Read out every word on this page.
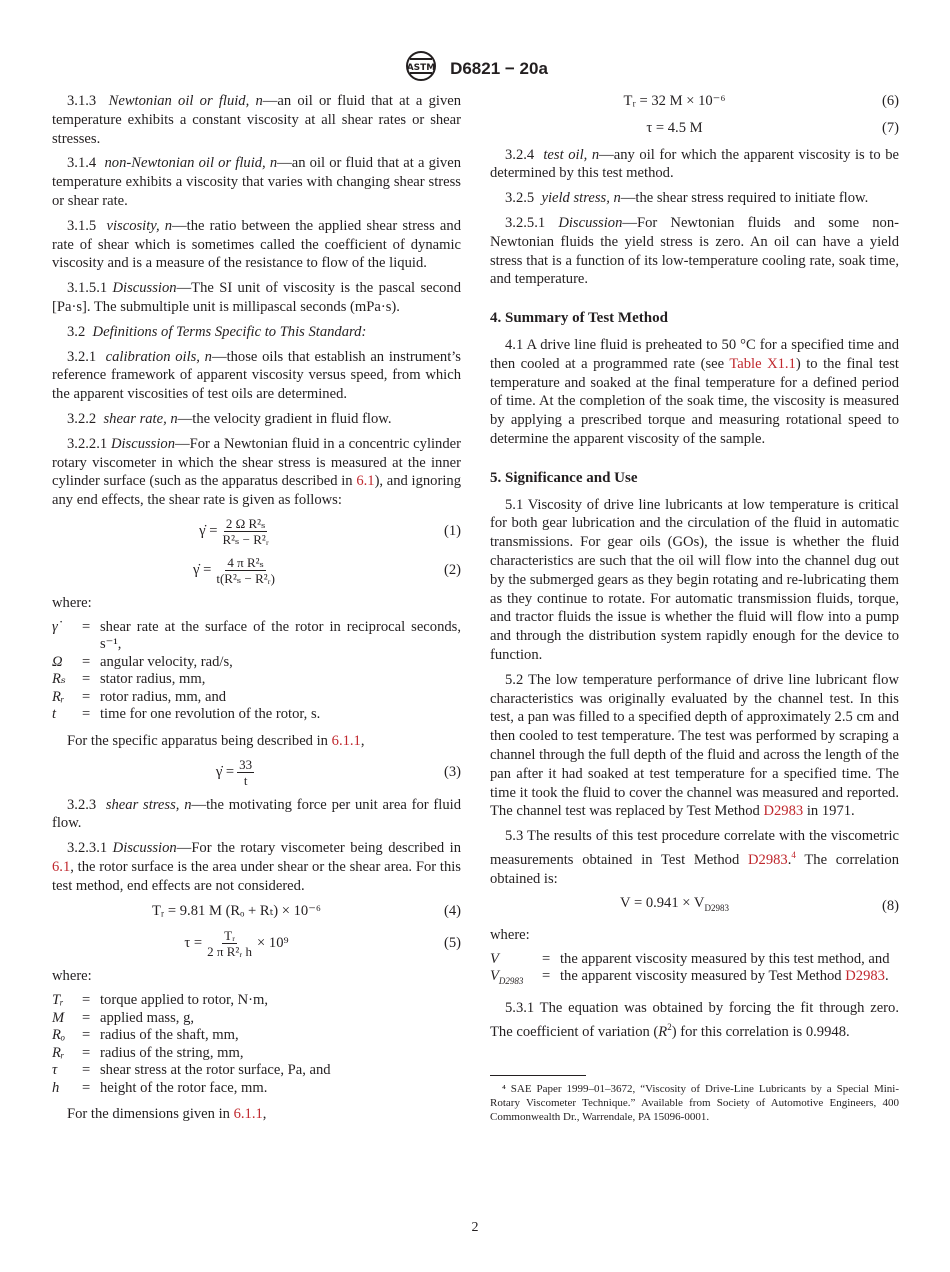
ASTM D6821 − 20a

3.1.3 Newtonian oil or fluid, n—an oil or fluid that at a given temperature exhibits a constant viscosity at all shear rates or shear stresses.

3.1.4 non-Newtonian oil or fluid, n—an oil or fluid that at a given temperature exhibits a viscosity that varies with changing shear stress or shear rate.

3.1.5 viscosity, n—the ratio between the applied shear stress and rate of shear which is sometimes called the coefficient of dynamic viscosity and is a measure of the resistance to flow of the liquid.

3.1.5.1 Discussion—The SI unit of viscosity is the pascal second [Pa·s]. The submultiple unit is millipascal seconds (mPa·s).

3.2 Definitions of Terms Specific to This Standard:

3.2.1 calibration oils, n—those oils that establish an instrument’s reference framework of apparent viscosity versus speed, from which the apparent viscosities of test oils are determined.

3.2.2 shear rate, n—the velocity gradient in fluid flow.

3.2.2.1 Discussion—For a Newtonian fluid in a concentric cylinder rotary viscometer in which the shear stress is measured at the inner cylinder surface (such as the apparatus described in 6.1), and ignoring any end effects, the shear rate is given as follows:

γ̇ = $\frac{\text{2 Ω R²ₛ}}{\text{R²ₛ − R²ᵣ}}$	(1)
γ̇ = $\frac{\text{4 π R²ₛ}}{\text{t(R²ₛ − R²ᵣ)}}$	(2)

where:

γ̇	= shear rate at the surface of the rotor in reciprocal seconds, s⁻¹,
Ω	= angular velocity, rad/s,
Rₛ	= stator radius, mm,
Rᵣ	= rotor radius, mm, and
t	= time for one revolution of the rotor, s.

For the specific apparatus being described in 6.1.1,

γ̇ = $\frac{33}{t}$	(3)

3.2.3 shear stress, n—the motivating force per unit area for fluid flow.

3.2.3.1 Discussion—For the rotary viscometer being described in 6.1, the rotor surface is the area under shear or the shear area. For this test method, end effects are not considered.

Tᵣ = 9.81 M (Rₒ + Rₜ) × 10⁻⁶	(4)
$\tau = \frac{\text{Tᵣ}}{\text{2 π R²ᵣ h}} \times 10^9$	(5)

where:

Tᵣ	= torque applied to rotor, N·m,
M	= applied mass, g,
Rₒ	= radius of the shaft, mm,
Rᵣ	= radius of the string, mm,
τ	= shear stress at the rotor surface, Pa, and
h	= height of the rotor face, mm.

For the dimensions given in 6.1.1,

Tᵣ = 32 M × 10⁻⁶	(6)
τ = 4.5 M	(7)

3.2.4 test oil, n—any oil for which the apparent viscosity is to be determined by this test method.

3.2.5 yield stress, n—the shear stress required to initiate flow.

3.2.5.1 Discussion—For Newtonian fluids and some non-Newtonian fluids the yield stress is zero. An oil can have a yield stress that is a function of its low-temperature cooling rate, soak time, and temperature.

4. Summary of Test Method

4.1 A drive line fluid is preheated to 50 °C for a specified time and then cooled at a programmed rate (see Table X1.1) to the final test temperature and soaked at the final temperature for a defined period of time. At the completion of the soak time, the viscosity is measured by applying a prescribed torque and measuring rotational speed to determine the apparent viscosity of the sample.

5. Significance and Use

5.1 Viscosity of drive line lubricants at low temperature is critical for both gear lubrication and the circulation of the fluid in automatic transmissions. For gear oils (GOs), the issue is whether the fluid characteristics are such that the oil will flow into the channel dug out by the submerged gears as they begin rotating and re-lubricating them as they continue to rotate. For automatic transmission fluids, torque, and tractor fluids the issue is whether the fluid will flow into a pump and through the distribution system rapidly enough for the device to function.

5.2 The low temperature performance of drive line lubricant flow characteristics was originally evaluated by the channel test. In this test, a pan was filled to a specified depth of approximately 2.5 cm and then cooled to test temperature. The test was performed by scraping a channel through the full depth of the fluid and across the length of the pan after it had soaked at test temperature for a specified time. The time it took the fluid to cover the channel was measured and reported. The channel test was replaced by Test Method D2983 in 1971.

5.3 The results of this test procedure correlate with the viscometric measurements obtained in Test Method D2983.$^4$ The correlation obtained is:

$V = 0.941 \times V_{D2983}$	(8)

where:

V	= the apparent viscosity measured by this test method, and
$V_{D2983}$	= the apparent viscosity measured by Test Method D2983.

5.3.1 The equation was obtained by forcing the fit through zero. The coefficient of variation $(R^2)$ for this correlation is 0.9948.

⁴ SAE Paper 1999–01–3672, “Viscosity of Drive-Line Lubricants by a Special Mini-Rotary Viscometer Technique.” Available from Society of Automotive Engineers, 400 Commonwealth Dr., Warrendale, PA 15096-0001.

2
